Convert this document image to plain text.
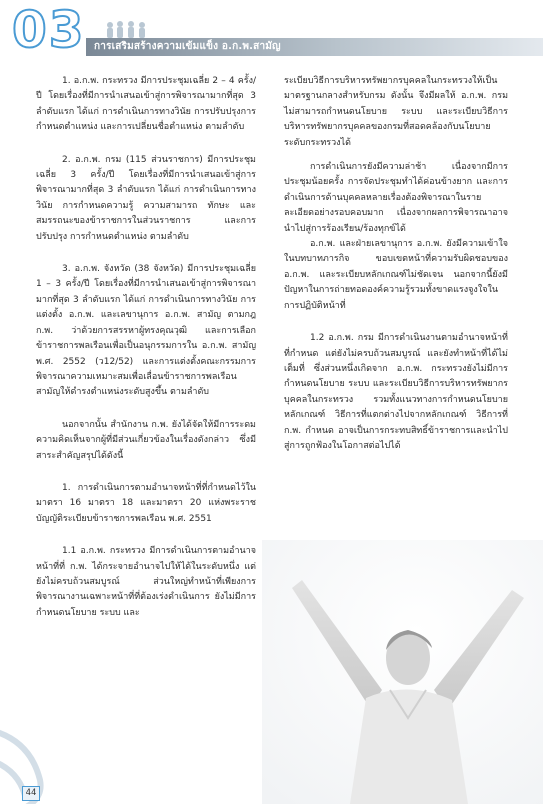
03 การเสริมสร้างความเข้มแข็ง อ.ก.พ.สามัญ

1. อ.ก.พ. กระทรวง มีการประชุมเฉลี่ย 2 – 4 ครั้ง/ปี โดยเรื่องที่มีการนำเสนอเข้าสู่การพิจารณามากที่สุด 3 ลำดับแรก ได้แก่ การดำเนินการทางวินัย การปรับปรุงการกำหนดตำแหน่ง และการเปลี่ยนชื่อตำแหน่ง ตามลำดับ

2. อ.ก.พ. กรม (115 ส่วนราชการ) มีการประชุมเฉลี่ย 3 ครั้ง/ปี โดยเรื่องที่มีการนำเสนอเข้าสู่การพิจารณามากที่สุด 3 ลำดับแรก ได้แก่ การดำเนินการทางวินัย การกำหนดความรู้ ความสามารถ ทักษะ และสมรรถนะของข้าราชการในส่วนราชการ และการปรับปรุง การกำหนดตำแหน่ง ตามลำดับ

3. อ.ก.พ. จังหวัด (38 จังหวัด) มีการประชุมเฉลี่ย 1 – 3 ครั้ง/ปี โดยเรื่องที่มีการนำเสนอเข้าสู่การพิจารณามากที่สุด 3 ลำดับแรก ได้แก่ การดำเนินการทางวินัย การแต่งตั้ง อ.ก.พ. และเลขานุการ อ.ก.พ. สามัญ ตามกฎ ก.พ. ว่าด้วยการสรรหาผู้ทรงคุณวุฒิ และการเลือกข้าราชการพลเรือนเพื่อเป็นอนุกรรมการใน อ.ก.พ. สามัญ พ.ศ. 2552 (ว12/52) และการแต่งตั้งคณะกรรมการพิจารณาความเหมาะสมเพื่อเลื่อนข้าราชการพลเรือนสามัญให้ดำรงตำแหน่งระดับสูงขึ้น ตามลำดับ

นอกจากนั้น สำนักงาน ก.พ. ยังได้จัดให้มีการระดมความคิดเห็นจากผู้ที่มีส่วนเกี่ยวข้องในเรื่องดังกล่าว ซึ่งมีสาระสำคัญสรุปได้ดังนี้

1. การดำเนินการตามอำนาจหน้าที่ที่กำหนดไว้ในมาตรา 16 มาตรา 18 และมาตรา 20 แห่งพระราชบัญญัติระเบียบข้าราชการพลเรือน พ.ศ. 2551

1.1 อ.ก.พ. กระทรวง มีการดำเนินการตามอำนาจหน้าที่ที่ ก.พ. ได้กระจายอำนาจไปให้ได้ในระดับหนึ่ง แต่ยังไม่ครบถ้วนสมบูรณ์ ส่วนใหญ่ทำหน้าที่เพียงการพิจารณางานเฉพาะหน้าที่ที่ต้องเร่งดำเนินการ ยังไม่มีการกำหนดนโยบาย ระบบ และ

ระเบียบวิธีการบริหารทรัพยากรบุคคลในกระทรวงให้เป็นมาตรฐานกลางสำหรับกรม ดังนั้น จึงมีผลให้ อ.ก.พ. กรม ไม่สามารถกำหนดนโยบาย ระบบ และระเบียบวิธีการบริหารทรัพยากรบุคคลของกรมที่สอดคล้องกับนโยบายระดับกระทรวงได้

การดำเนินการยังมีความล่าช้า เนื่องจากมีการประชุมน้อยครั้ง การจัดประชุมทำได้ค่อนข้างยาก และการดำเนินการด้านบุคคลหลายเรื่องต้องพิจารณาในรายละเอียดอย่างรอบคอบมาก เนื่องจากผลการพิจารณาอาจนำไปสู่การร้องเรียน/ร้องทุกข์ได้

อ.ก.พ. และฝ่ายเลขานุการ อ.ก.พ. ยังมีความเข้าใจในบทบาทภารกิจ ขอบเขตหน้าที่ความรับผิดชอบของ อ.ก.พ. และระเบียบหลักเกณฑ์ไม่ชัดเจน นอกจากนี้ยังมีปัญหาในการถ่ายทอดองค์ความรู้รวมทั้งขาดแรงจูงใจในการปฏิบัติหน้าที่

1.2 อ.ก.พ. กรม มีการดำเนินงานตามอำนาจหน้าที่ที่กำหนด แต่ยังไม่ครบถ้วนสมบูรณ์ และยังทำหน้าที่ได้ไม่เต็มที่ ซึ่งส่วนหนึ่งเกิดจาก อ.ก.พ. กระทรวงยังไม่มีการกำหนดนโยบาย ระบบ และระเบียบวิธีการบริหารทรัพยากรบุคคลในกระทรวง รวมทั้งแนวทางการกำหนดนโยบาย หลักเกณฑ์ วิธีการที่แตกต่างไปจากหลักเกณฑ์ วิธีการที่ ก.พ. กำหนด อาจเป็นการกระทบสิทธิ์ข้าราชการและนำไปสู่การถูกฟ้องในโอกาสต่อไปได้

44
